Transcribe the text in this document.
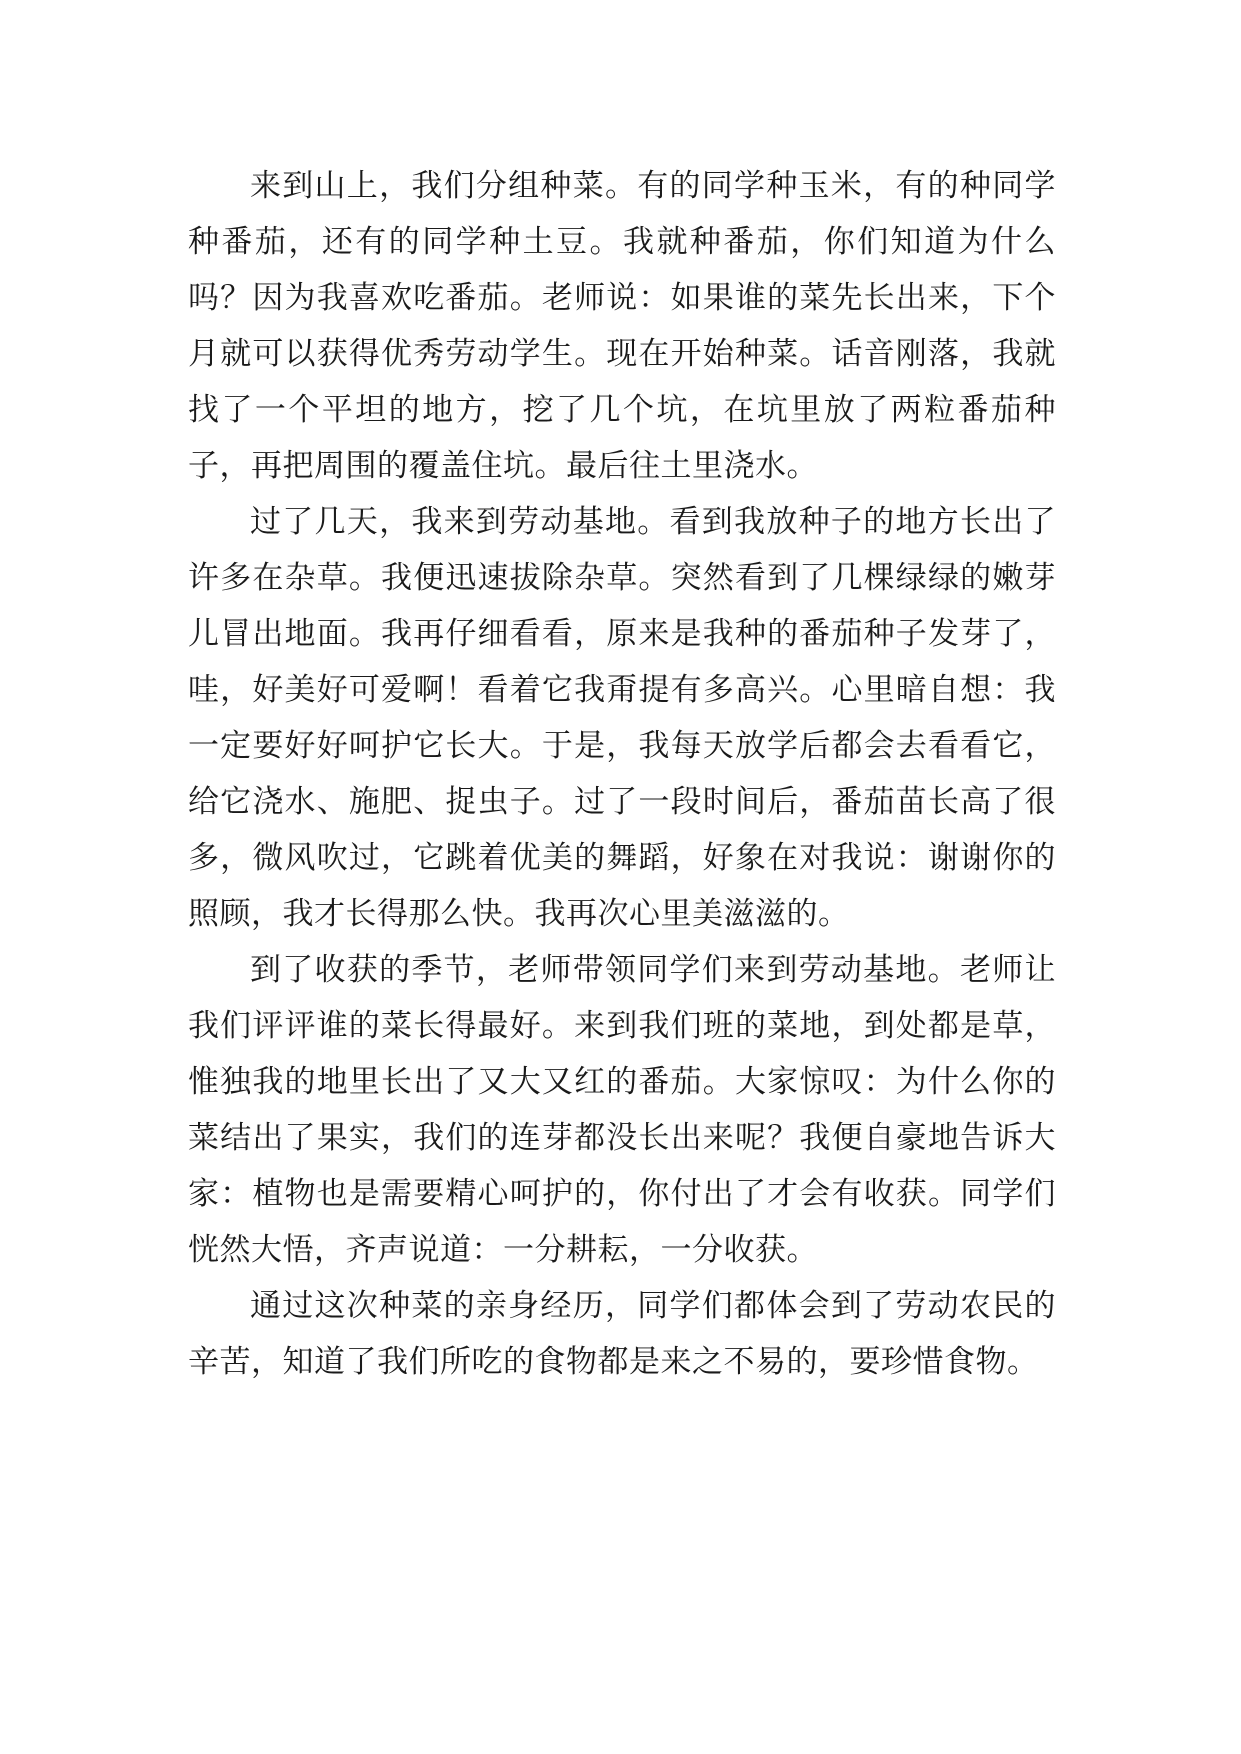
来到山上，我们分组种菜。有的同学种玉米，有的种同学种番茄，还有的同学种土豆。我就种番茄，你们知道为什么吗？因为我喜欢吃番茄。老师说：如果谁的菜先长出来，下个月就可以获得优秀劳动学生。现在开始种菜。话音刚落，我就找了一个平坦的地方，挖了几个坑，在坑里放了两粒番茄种子，再把周围的覆盖住坑。最后往土里浇水。

过了几天，我来到劳动基地。看到我放种子的地方长出了许多在杂草。我便迅速拔除杂草。突然看到了几棵绿绿的嫩芽儿冒出地面。我再仔细看看，原来是我种的番茄种子发芽了，哇，好美好可爱啊！看着它我甭提有多高兴。心里暗自想：我一定要好好呵护它长大。于是，我每天放学后都会去看看它，给它浇水、施肥、捉虫子。过了一段时间后，番茄苗长高了很多，微风吹过，它跳着优美的舞蹈，好象在对我说：谢谢你的照顾，我才长得那么快。我再次心里美滋滋的。

到了收获的季节，老师带领同学们来到劳动基地。老师让我们评评谁的菜长得最好。来到我们班的菜地，到处都是草，惟独我的地里长出了又大又红的番茄。大家惊叹：为什么你的菜结出了果实，我们的连芽都没长出来呢？我便自豪地告诉大家：植物也是需要精心呵护的，你付出了才会有收获。同学们恍然大悟，齐声说道：一分耕耘，一分收获。

通过这次种菜的亲身经历，同学们都体会到了劳动农民的辛苦，知道了我们所吃的食物都是来之不易的，要珍惜食物。
